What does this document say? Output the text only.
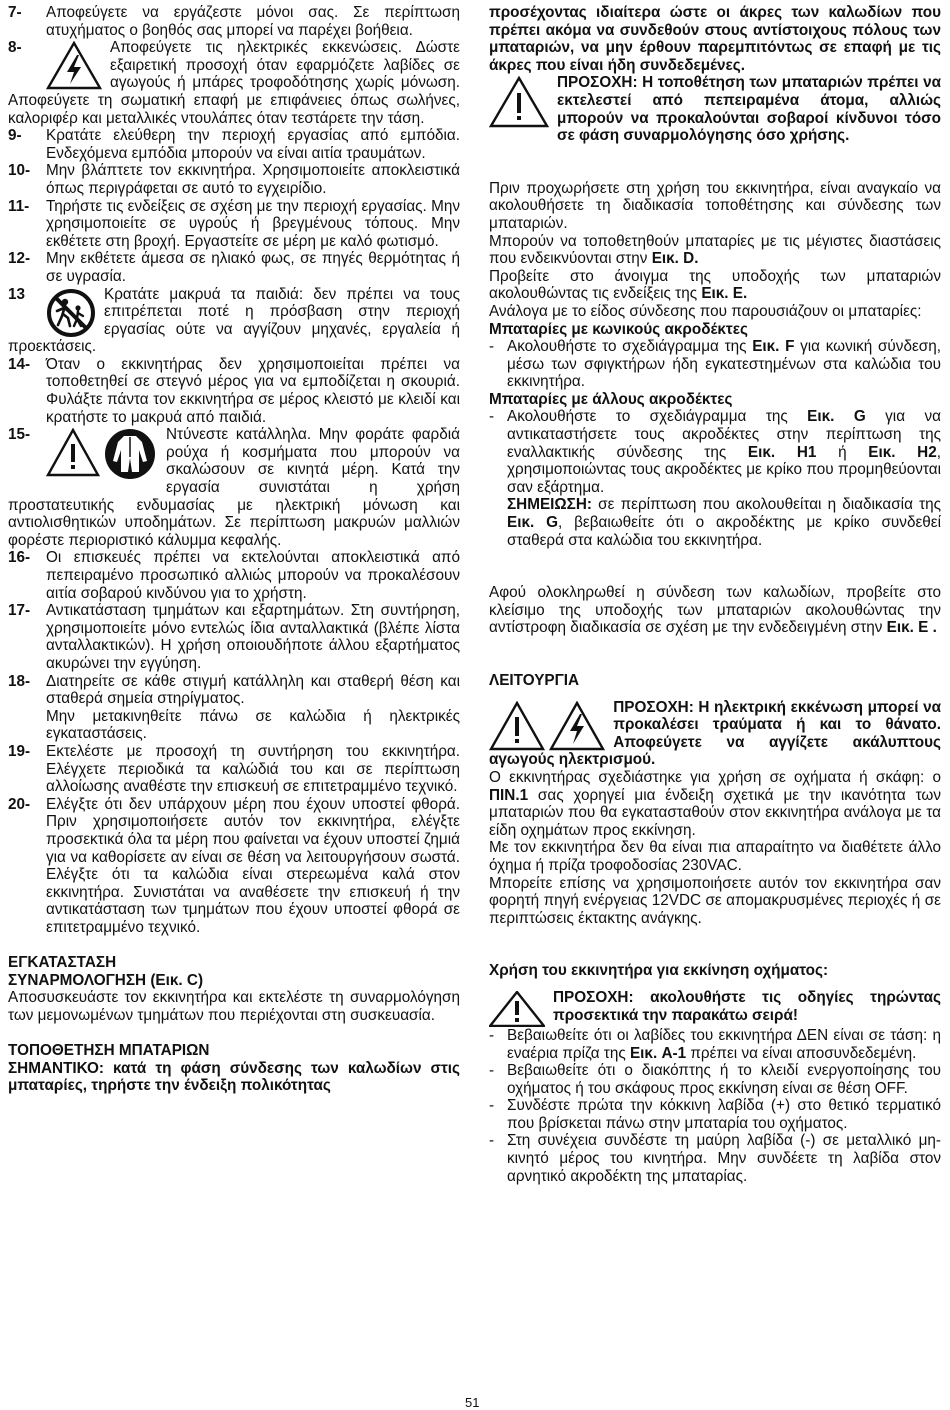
7- Αποφεύγετε να εργάζεστε μόνοι σας. Σε περίπτωση ατυχήματος ο βοηθός σας μπορεί να παρέχει βοήθεια.
8-	Αποφεύγετε τις ηλεκτρικές εκκενώσεις. Δώστε εξαιρετική προσοχή όταν εφαρμόζετε λαβίδες σε αγωγούς ή μπάρες τροφοδότησης χωρίς μόνωση. Αποφεύγετε τη σωματική επαφή με επιφάνειες όπως σωλήνες, καλοριφέρ και μεταλλικές ντουλάπες όταν τεστάρετε την τάση.
9- Κρατάτε ελεύθερη την περιοχή εργασίας από εμπόδια. Ενδεχόμενα εμπόδια μπορούν να είναι αιτία τραυμάτων.
10- Μην βλάπτετε τον εκκινητήρα. Χρησιμοποιείτε αποκλειστικά όπως περιγράφεται σε αυτό το εγχειρίδιο.
11- Τηρήστε τις ενδείξεις σε σχέση με την περιοχή εργασίας. Μην χρησιμοποιείτε σε υγρούς ή βρεγμένους τόπους. Μην εκθέτετε στη βροχή. Εργαστείτε σε μέρη με καλό φωτισμό.
12- Μην εκθέτετε άμεσα σε ηλιακό φως, σε πηγές θερμότητας ή σε υγρασία.
13	Κρατάτε μακρυά τα παιδιά: δεν πρέπει να τους επιτρέπεται ποτέ η πρόσβαση στην περιοχή εργασίας ούτε να αγγίζουν μηχανές, εργαλεία ή προεκτάσεις.
14- Όταν ο εκκινητήρας δεν χρησιμοποιείται πρέπει να τοποθετηθεί σε στεγνό μέρος για να εμποδίζεται η σκουριά. Φυλάξτε πάντα τον εκκινητήρα σε μέρος κλειστό με κλειδί και κρατήστε το μακρυά από παιδιά.
15-
	Ντύνεστε κατάλληλα. Μην φοράτε φαρδιά ρούχα ή κοσμήματα που μπορούν να σκαλώσουν σε κινητά μέρη. Κατά την εργασία συνιστάται η χρήση προστατευτικής ενδυμασίας με ηλεκτρική μόνωση και αντιολισθητικών υποδημάτων. Σε περίπτωση μακρυών μαλλιών φορέστε περιοριστικό κάλυμμα κεφαλής.
16- Οι επισκευές πρέπει να εκτελούνται αποκλειστικά από πεπειραμένο προσωπικό αλλιώς μπορούν να προκαλέσουν αιτία σοβαρού κινδύνου για το χρήστη.
17- Αντικατάσταση τμημάτων και εξαρτημάτων. Στη συντήρηση, χρησιμοποιείτε μόνο εντελώς ίδια ανταλλακτικά (βλέπε λίστα ανταλλακτικών). Η χρήση οποιουδήποτε άλλου εξαρτήματος ακυρώνει την εγγύηση.
18- Διατηρείτε σε κάθε στιγμή κατάλληλη και σταθερή θέση και σταθερά σημεία στηρίγματος.
Μην μετακινηθείτε πάνω σε καλώδια ή ηλεκτρικές εγκαταστάσεις.
19- Εκτελέστε με προσοχή τη συντήρηση του εκκινητήρα. Ελέγχετε περιοδικά τα καλώδιά του και σε περίπτωση αλλοίωσης αναθέστε την επισκευή σε επιτετραμμένο τεχνικό.
20- Ελέγξτε ότι δεν υπάρχουν μέρη που έχουν υποστεί φθορά. Πριν χρησιμοποιήσετε αυτόν τον εκκινητήρα, ελέγξτε προσεκτικά όλα τα μέρη που φαίνεται να έχουν υποστεί ζημιά για να καθορίσετε αν είναι σε θέση να λειτουργήσουν σωστά. Ελέγξτε ότι τα καλώδια είναι στερεωμένα καλά στον εκκινητήρα. Συνιστάται να αναθέσετε την επισκευή ή την αντικατάσταση των τμημάτων που έχουν υποστεί φθορά σε επιτετραμμένο τεχνικό.

ΕΓΚΑΤΑΣΤΑΣΗ

ΣΥΝΑΡΜΟΛΟΓΗΣΗ (Εικ. C)

Αποσυσκευάστε τον εκκινητήρα και εκτελέστε τη συναρμολόγηση των μεμονωμένων τμημάτων που περιέχονται στη συσκευασία.

ΤΟΠΟΘΕΤΗΣΗ ΜΠΑΤΑΡΙΩΝ

ΣΗΜΑΝΤΙΚΟ: κατά τη φάση σύνδεσης των καλωδίων στις μπαταρίες, τηρήστε την ένδειξη πολικότητας

προσέχοντας ιδιαίτερα ώστε οι άκρες των καλωδίων που πρέπει ακόμα να συνδεθούν στους αντίστοιχους πόλους των μπαταριών, να μην έρθουν παρεμπιτόντως σε επαφή με τις άκρες που είναι ήδη συνδεδεμένες.

ΠΡΟΣΟΧΗ: Η τοποθέτηση των μπαταριών πρέπει να εκτελεστεί από πεπειραμένα άτομα, αλλιώς μπορούν να προκαλούνται σοβαροί κίνδυνοι τόσο σε φάση συναρμολόγησης όσο χρήσης.

Πριν προχωρήσετε στη χρήση του εκκινητήρα, είναι αναγκαίο να ακολουθήσετε τη διαδικασία τοποθέτησης και σύνδεσης των μπαταριών.

Μπορούν να τοποθετηθούν μπαταρίες με τις μέγιστες διαστάσεις που ενδεικνύονται στην Εικ. D.

Προβείτε στο άνοιγμα της υποδοχής των μπαταριών ακολουθώντας τις ενδείξεις της Εικ. E.

Ανάλογα με το είδος σύνδεσης που παρουσιάζουν οι μπαταρίες:

Μπαταρίες με κωνικούς ακροδέκτες

- Ακολουθήστε το σχεδιάγραμμα της Εικ. F για κωνική σύνδεση, μέσω των σφιγκτήρων ήδη εγκατεστημένων στα καλώδια του εκκινητήρα.

Μπαταρίες με άλλους ακροδέκτες

- Ακολουθήστε το σχεδιάγραμμα της Εικ. G για να αντικαταστήσετε τους ακροδέκτες στην περίπτωση της εναλλακτικής σύνδεσης της Εικ. H1 ή Εικ. H2, χρησιμοποιώντας τους ακροδέκτες με κρίκο που προμηθεύονται σαν εξάρτημα.
ΣΗΜΕΙΩΣΗ: σε περίπτωση που ακολουθείται η διαδικασία της Εικ. G, βεβαιωθείτε ότι ο ακροδέκτης με κρίκο συνδεθεί σταθερά στα καλώδια του εκκινητήρα.

Αφού ολοκληρωθεί η σύνδεση των καλωδίων, προβείτε στο κλείσιμο της υποδοχής των μπαταριών ακολουθώντας την αντίστροφη διαδικασία σε σχέση με την ενδεδειγμένη στην Εικ. E .

ΛΕΙΤΟΥΡΓΙΑ

ΠΡΟΣΟΧΗ: Η ηλεκτρική εκκένωση μπορεί να προκαλέσει τραύματα ή και το θάνατο. Αποφεύγετε να αγγίζετε ακάλυπτους αγωγούς ηλεκτρισμού.

Ο εκκινητήρας σχεδιάστηκε για χρήση σε οχήματα ή σκάφη: ο ΠΙΝ.1 σας χορηγεί μια ένδειξη σχετικά με την ικανότητα των μπαταριών που θα εγκατασταθούν στον εκκινητήρα ανάλογα με τα είδη οχημάτων προς εκκίνηση.

Με τον εκκινητήρα δεν θα είναι πια απαραίτητο να διαθέτετε άλλο όχημα ή πρίζα τροφοδοσίας 230VAC.

Μπορείτε επίσης να χρησιμοποιήσετε αυτόν τον εκκινητήρα σαν φορητή πηγή ενέργειας 12VDC σε απομακρυσμένες περιοχές ή σε περιπτώσεις έκτακτης ανάγκης.

Χρήση του εκκινητήρα για εκκίνηση οχήματος:

ΠΡΟΣΟΧΗ: ακολουθήστε τις οδηγίες τηρώντας προσεκτικά την παρακάτω σειρά!

- Βεβαιωθείτε ότι οι λαβίδες του εκκινητήρα ΔΕΝ είναι σε τάση: η εναέρια πρίζα της Εικ. A-1 πρέπει να είναι αποσυνδεδεμένη.
- Βεβαιωθείτε ότι ο διακόπτης ή το κλειδί ενεργοποίησης του οχήματος ή του σκάφους προς εκκίνηση είναι σε θέση OFF.
- Συνδέστε πρώτα την κόκκινη λαβίδα (+) στο θετικό τερματικό που βρίσκεται πάνω στην μπαταρία του οχήματος.
- Στη συνέχεια συνδέστε τη μαύρη λαβίδα (-) σε μεταλλικό μη-κινητό μέρος του κινητήρα. Μην συνδέετε τη λαβίδα στον αρνητικό ακροδέκτη της μπαταρίας.
51
